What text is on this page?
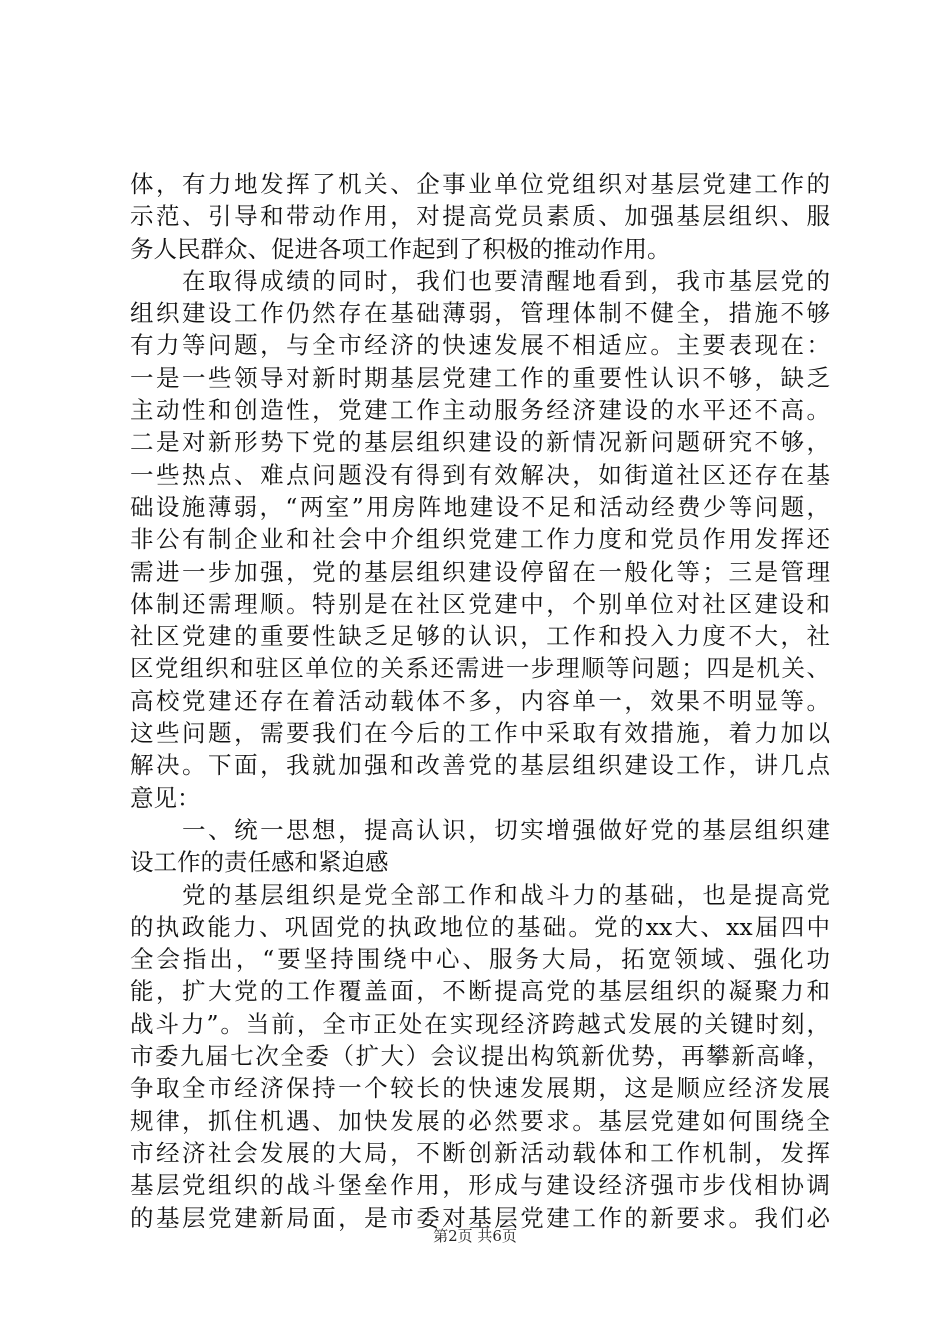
体，有力地发挥了机关、企事业单位党组织对基层党建工作的
示范、引导和带动作用，对提高党员素质、加强基层组织、服
务人民群众、促进各项工作起到了积极的推动作用。
　　在取得成绩的同时，我们也要清醒地看到，我市基层党的
组织建设工作仍然存在基础薄弱，管理体制不健全，措施不够
有力等问题，与全市经济的快速发展不相适应。主要表现在：
一是一些领导对新时期基层党建工作的重要性认识不够，缺乏
主动性和创造性，党建工作主动服务经济建设的水平还不高。
二是对新形势下党的基层组织建设的新情况新问题研究不够，
一些热点、难点问题没有得到有效解决，如街道社区还存在基
础设施薄弱，“两室”用房阵地建设不足和活动经费少等问题，
非公有制企业和社会中介组织党建工作力度和党员作用发挥还
需进一步加强，党的基层组织建设停留在一般化等；三是管理
体制还需理顺。特别是在社区党建中，个别单位对社区建设和
社区党建的重要性缺乏足够的认识，工作和投入力度不大，社
区党组织和驻区单位的关系还需进一步理顺等问题；四是机关、
高校党建还存在着活动载体不多，内容单一，效果不明显等。
这些问题，需要我们在今后的工作中采取有效措施，着力加以
解决。下面，我就加强和改善党的基层组织建设工作，讲几点
意见：
　　一、统一思想，提高认识，切实增强做好党的基层组织建
设工作的责任感和紧迫感
　　党的基层组织是党全部工作和战斗力的基础，也是提高党
的执政能力、巩固党的执政地位的基础。党的xx大、xx届四中
全会指出，“要坚持围绕中心、服务大局，拓宽领域、强化功
能，扩大党的工作覆盖面，不断提高党的基层组织的凝聚力和
战斗力”。当前，全市正处在实现经济跨越式发展的关键时刻，
市委九届七次全委（扩大）会议提出构筑新优势，再攀新高峰，
争取全市经济保持一个较长的快速发展期，这是顺应经济发展
规律，抓住机遇、加快发展的必然要求。基层党建如何围绕全
市经济社会发展的大局，不断创新活动载体和工作机制，发挥
基层党组织的战斗堡垒作用，形成与建设经济强市步伐相协调
的基层党建新局面，是市委对基层党建工作的新要求。我们必
第2页 共6页
